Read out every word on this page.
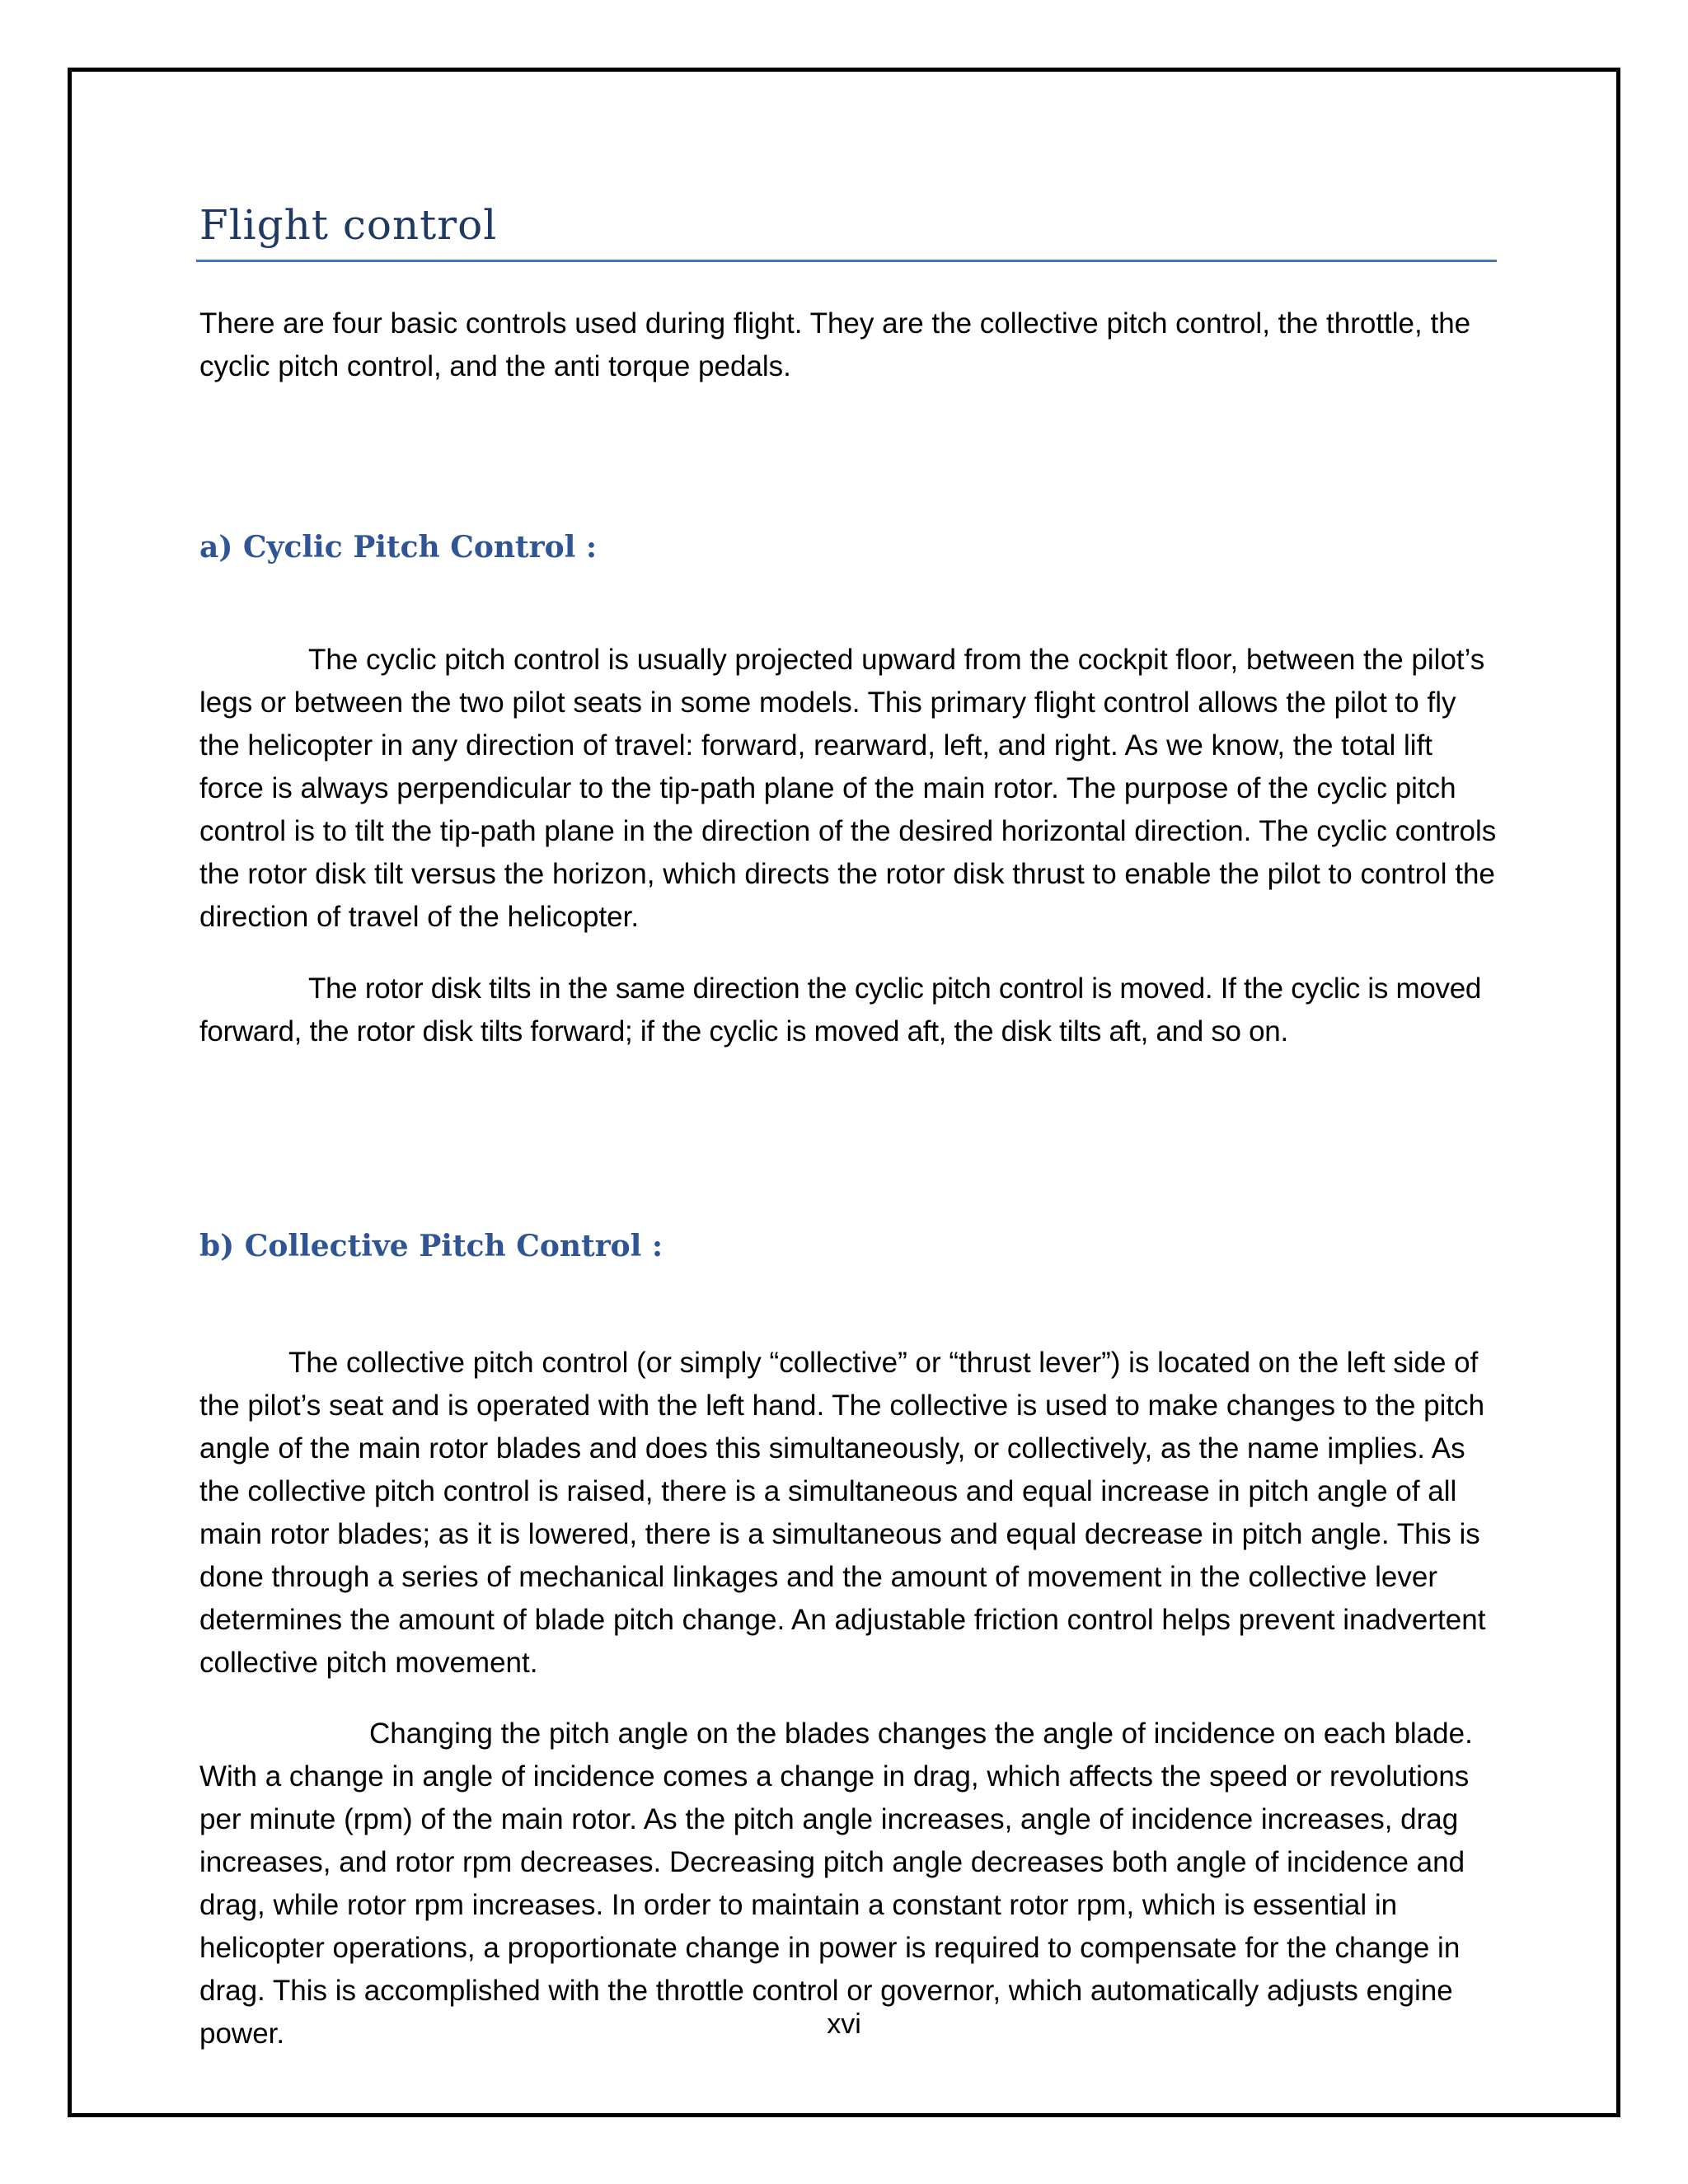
Flight control

There are four basic controls used during flight. They are the collective pitch control, the throttle, the cyclic pitch control, and the anti torque pedals.

a) Cyclic Pitch Control :

The cyclic pitch control is usually projected upward from the cockpit floor, between the pilot’s legs or between the two pilot seats in some models. This primary flight control allows the pilot to fly the helicopter in any direction of travel: forward, rearward, left, and right. As we know, the total lift force is always perpendicular to the tip-path plane of the main rotor. The purpose of the cyclic pitch control is to tilt the tip-path plane in the direction of the desired horizontal direction. The cyclic controls the rotor disk tilt versus the horizon, which directs the rotor disk thrust to enable the pilot to control the direction of travel of the helicopter.

The rotor disk tilts in the same direction the cyclic pitch control is moved. If the cyclic is moved forward, the rotor disk tilts forward; if the cyclic is moved aft, the disk tilts aft, and so on.

b) Collective Pitch Control :

The collective pitch control (or simply “collective” or “thrust lever”) is located on the left side of the pilot’s seat and is operated with the left hand. The collective is used to make changes to the pitch angle of the main rotor blades and does this simultaneously, or collectively, as the name implies. As the collective pitch control is raised, there is a simultaneous and equal increase in pitch angle of all main rotor blades; as it is lowered, there is a simultaneous and equal decrease in pitch angle. This is done through a series of mechanical linkages and the amount of movement in the collective lever determines the amount of blade pitch change. An adjustable friction control helps prevent inadvertent collective pitch movement.

Changing the pitch angle on the blades changes the angle of incidence on each blade. With a change in angle of incidence comes a change in drag, which affects the speed or revolutions per minute (rpm) of the main rotor. As the pitch angle increases, angle of incidence increases, drag increases, and rotor rpm decreases. Decreasing pitch angle decreases both angle of incidence and drag, while rotor rpm increases. In order to maintain a constant rotor rpm, which is essential in helicopter operations, a proportionate change in power is required to compensate for the change in drag. This is accomplished with the throttle control or governor, which automatically adjusts engine power.	xvi
